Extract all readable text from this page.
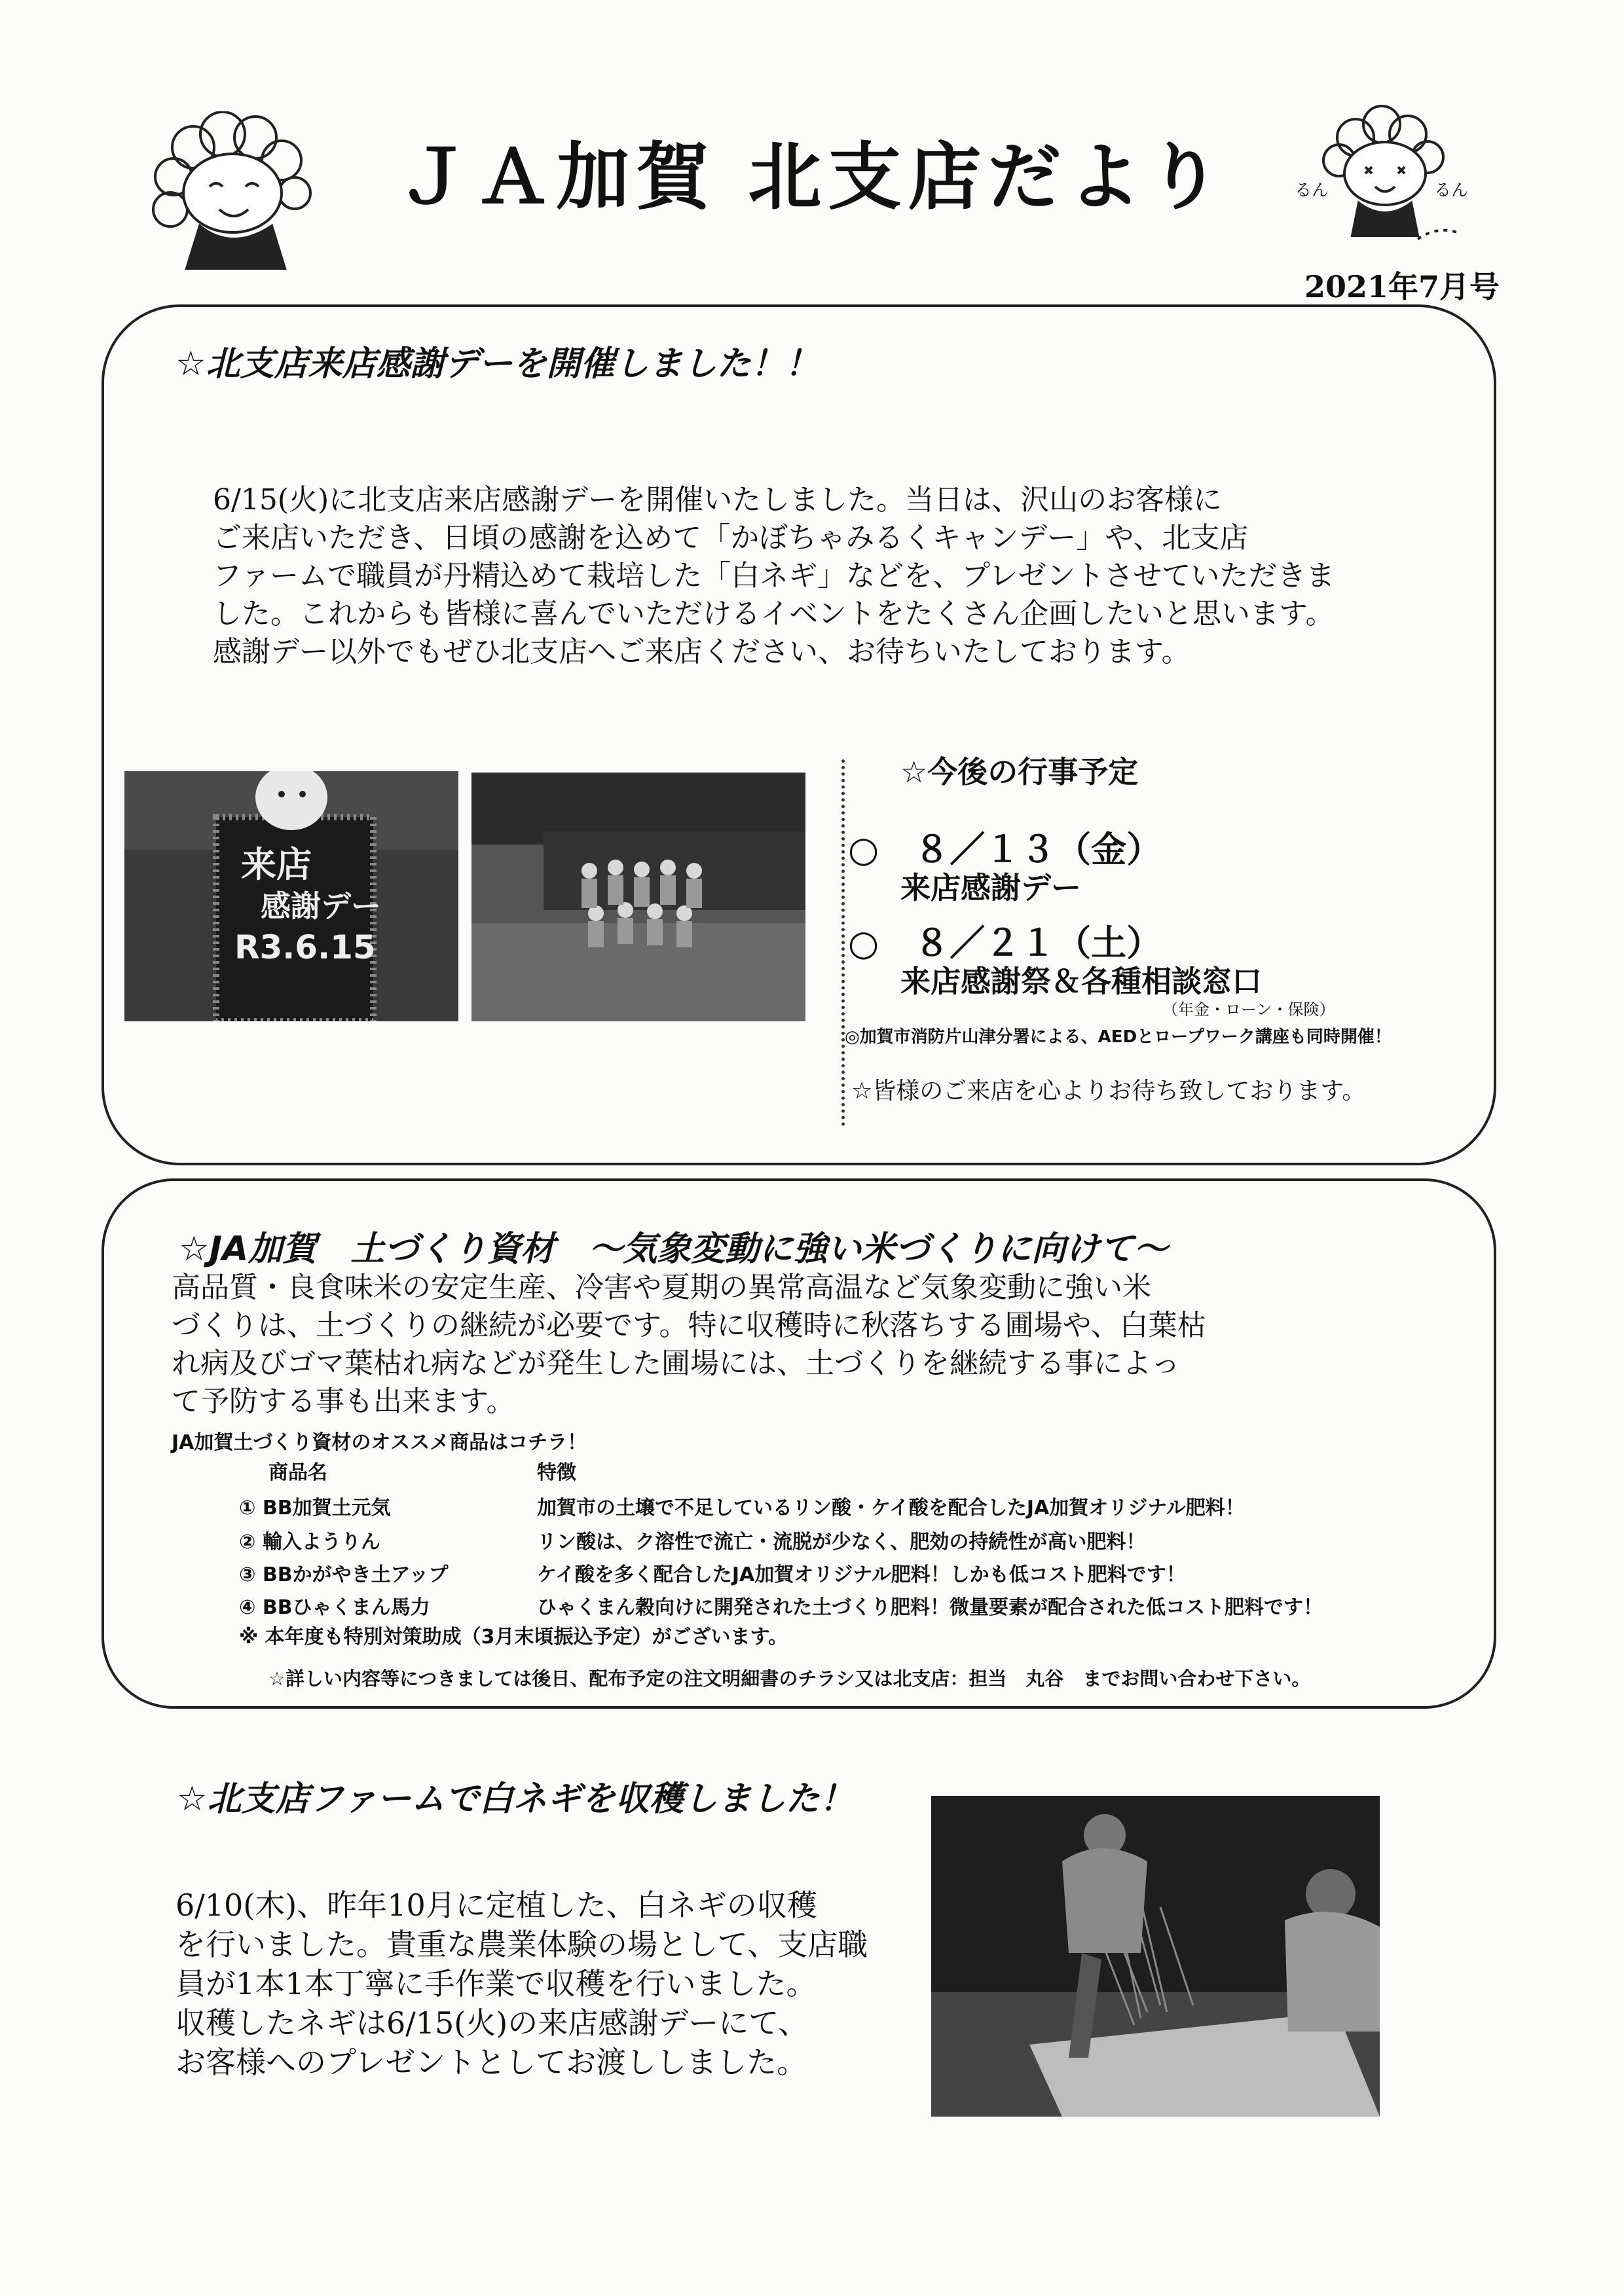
ＪＡ加賀 北支店だより	るん	るん
2021年7月号
☆北支店来店感謝デーを開催しました！！
6/15(火)に北支店来店感謝デーを開催いたしました。当日は、沢山のお客様に
ご来店いただき、日頃の感謝を込めて「かぼちゃみるくキャンデー」や、北支店
ファームで職員が丹精込めて栽培した「白ネギ」などを、プレゼントさせていただきま
した。これからも皆様に喜んでいただけるイベントをたくさん企画したいと思います。
感謝デー以外でもぜひ北支店へご来店ください、お待ちいたしております。
来店
感謝デー
R3.6.15
☆今後の行事予定
○　８／１３（金）
来店感謝デー
○　８／２１（土）
来店感謝祭＆各種相談窓口
（年金・ローン・保険）
◎加賀市消防片山津分署による、AEDとロープワーク講座も同時開催！
☆皆様のご来店を心よりお待ち致しております。
☆JA加賀　土づくり資材　～気象変動に強い米づくりに向けて～
高品質・良食味米の安定生産、冷害や夏期の異常高温など気象変動に強い米
づくりは、土づくりの継続が必要です。特に収穫時に秋落ちする圃場や、白葉枯
れ病及びゴマ葉枯れ病などが発生した圃場には、土づくりを継続する事によっ
て予防する事も出来ます。
JA加賀土づくり資材のオススメ商品はコチラ！
商品名	特徴
① BB加賀土元気	加賀市の土壌で不足しているリン酸・ケイ酸を配合したJA加賀オリジナル肥料！
② 輸入ようりん	リン酸は、ク溶性で流亡・流脱が少なく、肥効の持続性が高い肥料！
③ BBかがやき土アップ	ケイ酸を多く配合したJA加賀オリジナル肥料！しかも低コスト肥料です！
④ BBひゃくまん馬力	ひゃくまん穀向けに開発された土づくり肥料！微量要素が配合された低コスト肥料です！
※ 本年度も特別対策助成（3月末頃振込予定）がございます。
☆詳しい内容等につきましては後日、配布予定の注文明細書のチラシ又は北支店：担当　丸谷　までお問い合わせ下さい。
☆北支店ファームで白ネギを収穫しました！
6/10(木)、昨年10月に定植した、白ネギの収穫
を行いました。貴重な農業体験の場として、支店職
員が1本1本丁寧に手作業で収穫を行いました。
収穫したネギは6/15(火)の来店感謝デーにて、
お客様へのプレゼントとしてお渡ししました。
